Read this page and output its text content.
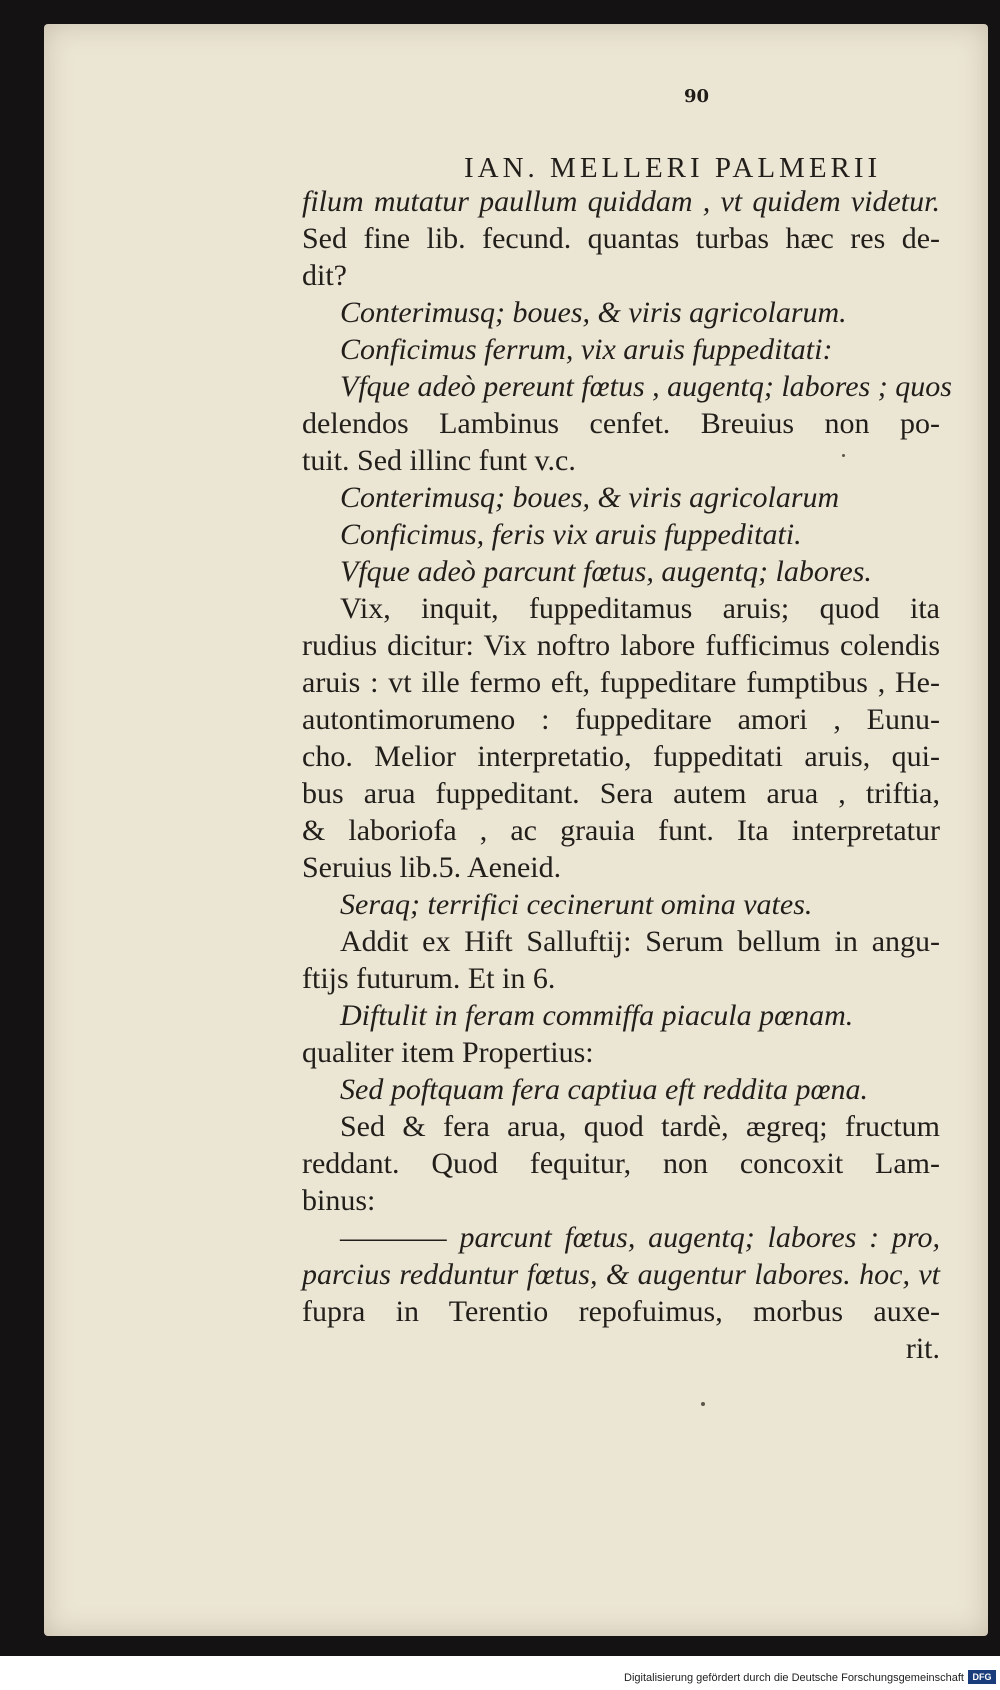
90
IAN. MELLERI PALMERII
filum mutatur paullum quiddam , vt quidem videtur.
Sed fine lib. fecund. quantas turbas hæc res de-
dit?
Conterimusq; boues, & viris agricolarum.
Conficimus ferrum, vix aruis fuppeditati:
Vfque adeò pereunt fœtus , augentq; labores ; quos
delendos Lambinus cenfet. Breuius non po-
tuit. Sed illinc funt v.c.
Conterimusq; boues, & viris agricolarum
Conficimus, feris vix aruis fuppeditati.
Vfque adeò parcunt fœtus, augentq; labores.
Vix, inquit, fuppeditamus aruis; quod ita
rudius dicitur: Vix noftro labore fufficimus colendis
aruis : vt ille fermo eft, fuppeditare fumptibus , He-
autontimorumeno : fuppeditare amori , Eunu-
cho. Melior interpretatio, fuppeditati aruis, qui-
bus arua fuppeditant. Sera autem arua , triftia,
& laboriofa , ac grauia funt. Ita interpretatur
Seruius lib.5. Aeneid.
Seraq; terrifici cecinerunt omina vates.
Addit ex Hift Salluftij: Serum bellum in angu-
ftijs futurum. Et in 6.
Diftulit in feram commiffa piacula pœnam.
qualiter item Propertius:
Sed poftquam fera captiua eft reddita pœna.
Sed & fera arua, quod tardè, ægreq; fructum
reddant. Quod fequitur, non concoxit Lam-
binus:
———— parcunt fœtus, augentq; labores : pro,
parcius redduntur fœtus, & augentur labores. hoc, vt
fupra in Terentio repofuimus, morbus auxe-
rit.
Digitalisierung gefördert durch die Deutsche Forschungsgemeinschaft DFG
